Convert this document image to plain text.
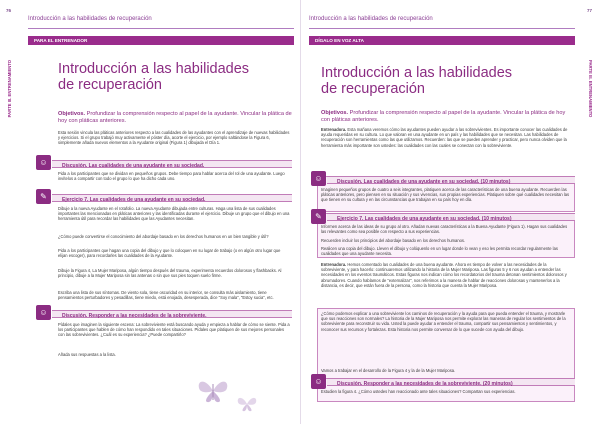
76
Introducción a las habilidades de recuperación
PARA EL ENTRENADOR
PARTE III. ENTRENAMIENTO	Introducción a las habilidades
de recuperación
Objetivos. Profundizar la comprensión respecto al papel de la ayudante. Vincular la plática de hoy con pláticas anteriores.
Esta sesión vincula las pláticas anteriores respecto a las cualidades de las ayudantes con el aprendizaje de nuevas habilidades y ejercicios. Si el grupo trabajó muy activamente el póster día, acorte el ejercicio, por ejemplo saltándose la Figura 6, simplemente añada nuevos elementos a la Ayudante original (Figura 1) dibujada el Día 1.
☺	Discusión. Las cualidades de una ayudante en su sociedad.
Pida a los participantes que se dividan en pequeños grupos. Debe tiempo para hablar acerca del rol de una ayudante. Luego invítelos a compartir con todo el grupo lo que ha dicho cada uno.
✎	Ejercicio 7. Las cualidades de una ayudante en su sociedad.
Dibuje a la nueva Ayudante en el rotafolio. La nueva Ayudante dibujada entre culturas. Haga una lista de sus cualidades importantes las mencionadas en pláticas anteriores y las identificadas durante el ejercicio. Dibuje un grupo que el dibujo en una herramienta útil para recordar las habilidades que las Ayudantes necesitan.
¿Cómo puede convertirse el conocimiento del abordaje basado en los derechos humanos en un bien tangible y útil?
Pida a los participantes que hagan una copia del dibujo y que lo coloquen en su lugar de trabajo (o en algún otro lugar que elijan escoger), para recordarles las cualidades de la Ayudante.
Dibuje la Figura 4, La Mujer Mariposa, algún tiempo después del trauma, experimenta recuerdos dolorosos y flashbacks. Al principio, dibuje a la Mujer Mariposa sin las antenas o sin que sus pies toquen suelo firme.
Escriba una lista de sus síntomas. De viento sola, tiene oscuridad en su interior, se consulta más aislamiento, tiene pensamientos perturbadores y pesadillas, tiene miedo, está enojada, desesperada, dice "Soy mala", "Estoy sucia", etc.
☺	Discusión. Responder a las necesidades de la sobreviviente.
Pídales que imaginen la siguiente escena: La sobreviviente está buscando ayuda y empieza a hablar de cómo se siente. Pida a los participantes que hablen de cómo han respondido en tales situaciones. Pídales que platiquen de sus mejores personales con las sobrevivientes. ¿Cuál es su experiencia? ¿Puede compartirlo?
Añada sus respuestas a la lista.
77
Introducción a las habilidades de recuperación
DÍGALO EN VOZ ALTA
PARTE III. ENTRENAMIENTO
Introducción a las habilidades
de recuperación
Objetivos. Profundizar la comprensión respecto al papel de la ayudante. Vincular la plática de hoy con pláticas anteriores.
Entrenadora. Esta mañana veremos cómo las ayudantes pueden ayudar a las sobrevivientes. Es importante conocer las cualidades de ayuda requeridas en su cultura. Lo que valoran en una ayudante en un país y las habilidades que se necesitan. Las habilidades de recuperación son herramientas como las que utilizamos. Recuerden: las que se pueden aprender y practicar, pero nunca olviden que la herramienta más importante son ustedes: las cualidades con las cuales se conectan con la sobreviviente.
☺	Discusión. Las cualidades de una ayudante en su sociedad. (10 minutos)
Imaginen pequeños grupos de cuatro a seis integrantes, platiquen acerca de las características de una buena ayudante. Recuerden las pláticas anteriores, pero piensen en su situación y sus vivencias, sus propias experiencias. Platiquen sobre qué cualidades necesitan las que tienen en su cultura y en las circunstancias que trabajan en su país hoy en día.
✎	Ejercicio 7. Las cualidades de una ayudante en su sociedad. (10 minutos)
Informen acerca de las ideas de su grupo al otro. Añadan nuevas características a la Buena Ayudante (Figura 1). Hagan sus cualidades las relevantes como sea posible con respecto a sus experiencias.
Recuerden incluir los principios del abordaje basado en los derechos humanos.
Realicen una copia del dibujo. Lleven el dibujo y colóquenlo en un lugar donde lo vean y eso les permita recordar regularmente las cualidades que una ayudante necesita.
Entrenadora. Hemos comentado las cualidades de una buena ayudante. Ahora es tiempo de volver a las necesidades de la sobreviviente, y para hacerlo: continuaremos utilizando la historia de la Mujer Mariposa. Las figuras 5 y 6 nos ayudan a entender las necesidades en los eventos traumáticos. Estas figuras nos indican cómo los recordatorios del trauma detonan sentimientos dolorosos y abrumadores. Cuando hablamos de "externalizar", nos referimos a la manera de hablar de reacciones dolorosas y mantenerlos a la distancia, es decir, que están fuera de la persona, como la historia que cuenta la Mujer Mariposa.
¿Cómo podemos explicar a una sobreviviente los caminos de recuperación y la ayuda para que pueda entender el trauma, y mostrarle que sus reacciones son normales? La historia de la Mujer Mariposa nos permite explorar las maneras de regular los sentimientos de la sobreviviente para reconstruir su vida. Usted la puede ayudar a entender el trauma, compartir sus pensamientos y sentimientos, y reconocer sus recursos y fortalezas. Esta historia nos permite conversar de lo que sucede con ayuda del dibujo.
Vamos a trabajar en el desarrollo de la Figura 4 y la de la Mujer Mariposa.
☺	Discusión. Responder a las necesidades de la sobreviviente. (20 minutos)
Estudien la figura 4. ¿Cómo ustedes han reaccionado ante tales situaciones? Compartan sus experiencias.
